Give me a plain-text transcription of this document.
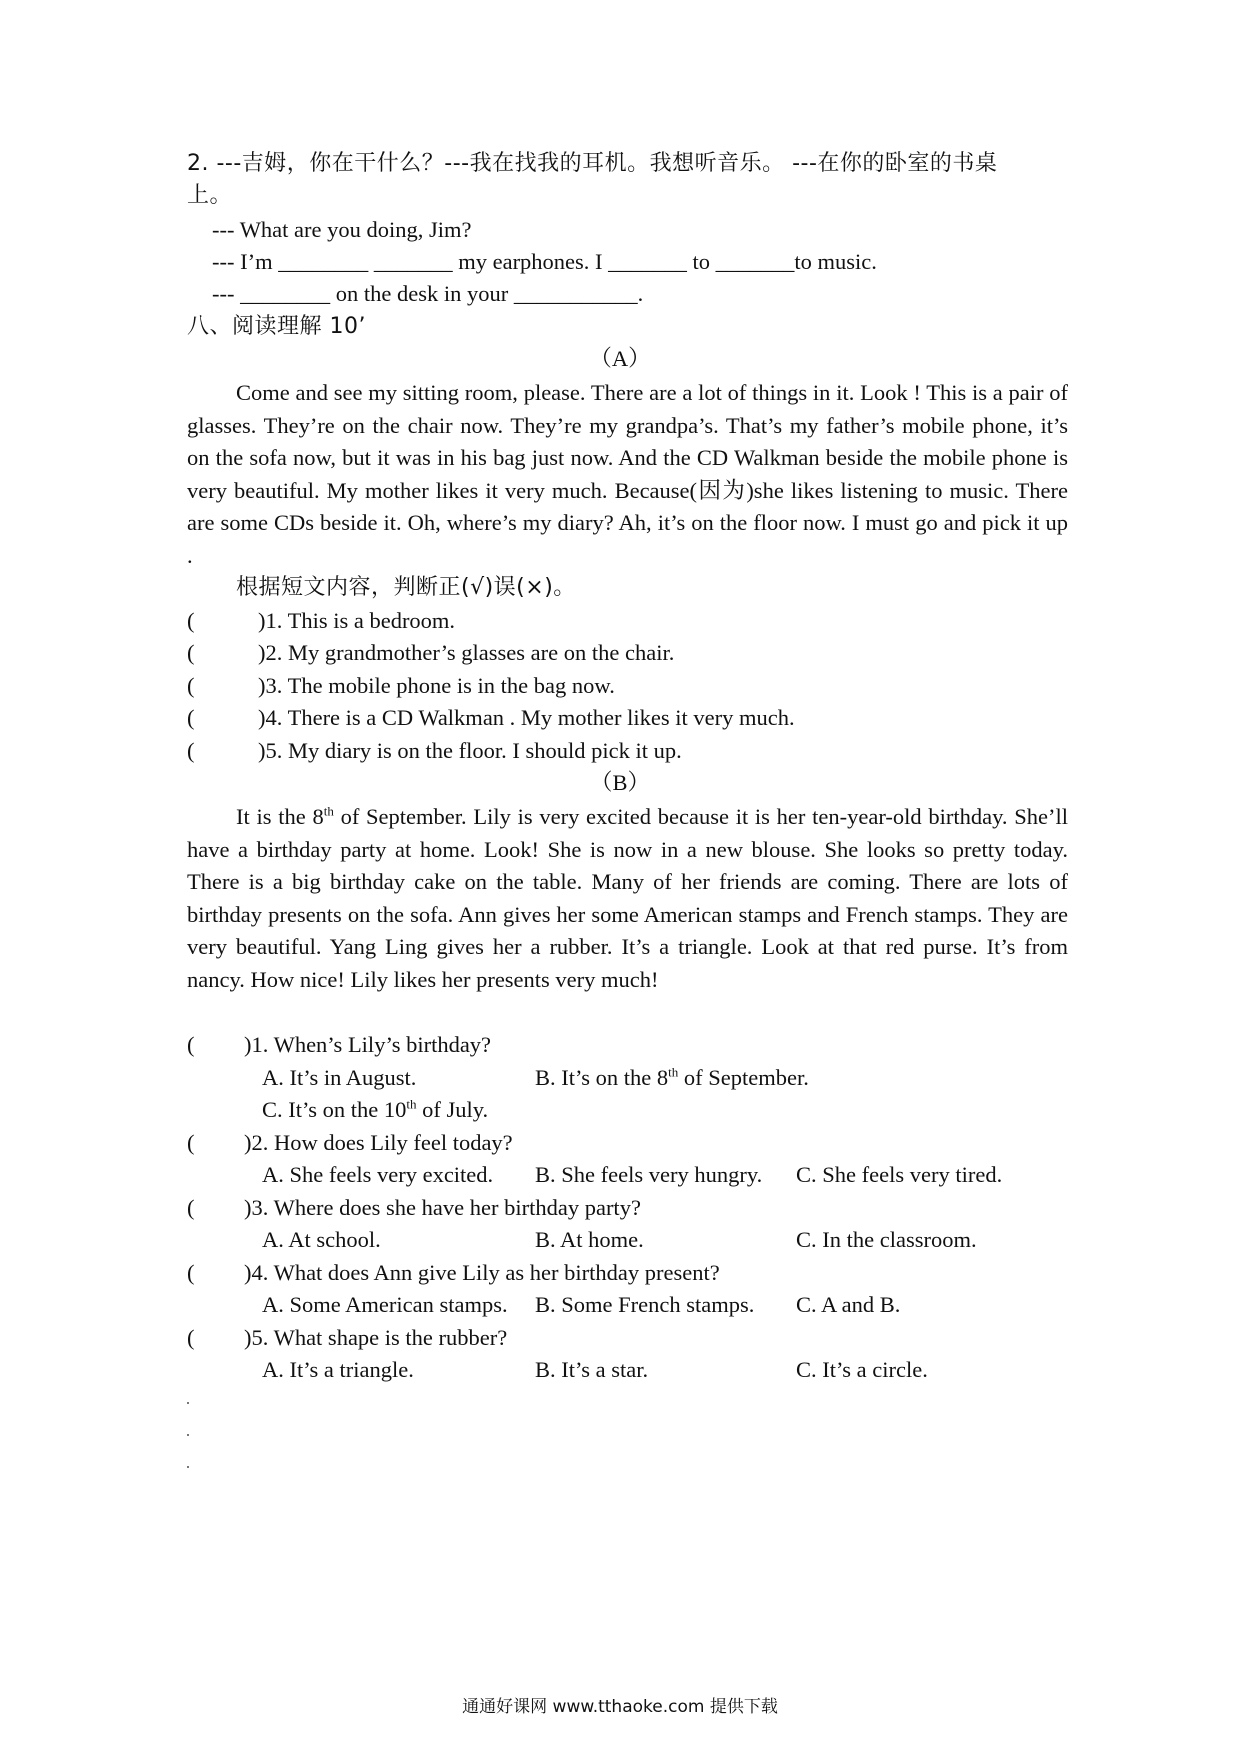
2. ---吉姆，你在干什么？---我在找我的耳机。我想听音乐。 ---在你的卧室的书桌
上。
--- What are you doing, Jim?
--- I’m ________ _______ my earphones. I _______ to _______to music.
--- ________ on the desk in your ___________.
八、阅读理解 10’
（A）

Come and see my sitting room, please. There are a lot of things in it. Look ! This is a pair of glasses. They’re on the chair now. They’re my grandpa’s. That’s my father’s mobile phone, it’s on the sofa now, but it was in his bag just now. And the CD Walkman beside the mobile phone is very beautiful. My mother likes it very much. Because(因为)she likes listening to music. There are some CDs beside it. Oh, where’s my diary? Ah, it’s on the floor now. I must go and pick it up .

根据短文内容，判断正(√)误(×)。
(	)1. This is a bedroom.
(	)2. My grandmother’s glasses are on the chair.
(	)3. The mobile phone is in the bag now.
(	)4. There is a CD Walkman . My mother likes it very much.
(	)5. My diary is on the floor. I should pick it up.
（B）

It is the 8th of September. Lily is very excited because it is her ten-year-old birthday. She’ll have a birthday party at home. Look! She is now in a new blouse. She looks so pretty today. There is a big birthday cake on the table. Many of her friends are coming. There are lots of birthday presents on the sofa. Ann gives her some American stamps and French stamps. They are very beautiful. Yang Ling gives her a rubber. It’s a triangle. Look at that red purse. It’s from nancy. How nice! Lily likes her presents very much!

( )1. When’s Lily’s birthday?
A. It’s in August.	B. It’s on the 8th of September.
C. It’s on the 10th of July.
( )2. How does Lily feel today?
A. She feels very excited. B. She feels very hungry. C. She feels very tired.
( )3. Where does she have her birthday party?
A. At school.	B. At home.	C. In the classroom.
( )4. What does Ann give Lily as her birthday present?
A. Some American stamps. B. Some French stamps. C. A and B.
( )5. What shape is the rubber?
A. It’s a triangle.	B. It’s a star.	C. It’s a circle.
通通好课网 www.tthaoke.com 提供下载
